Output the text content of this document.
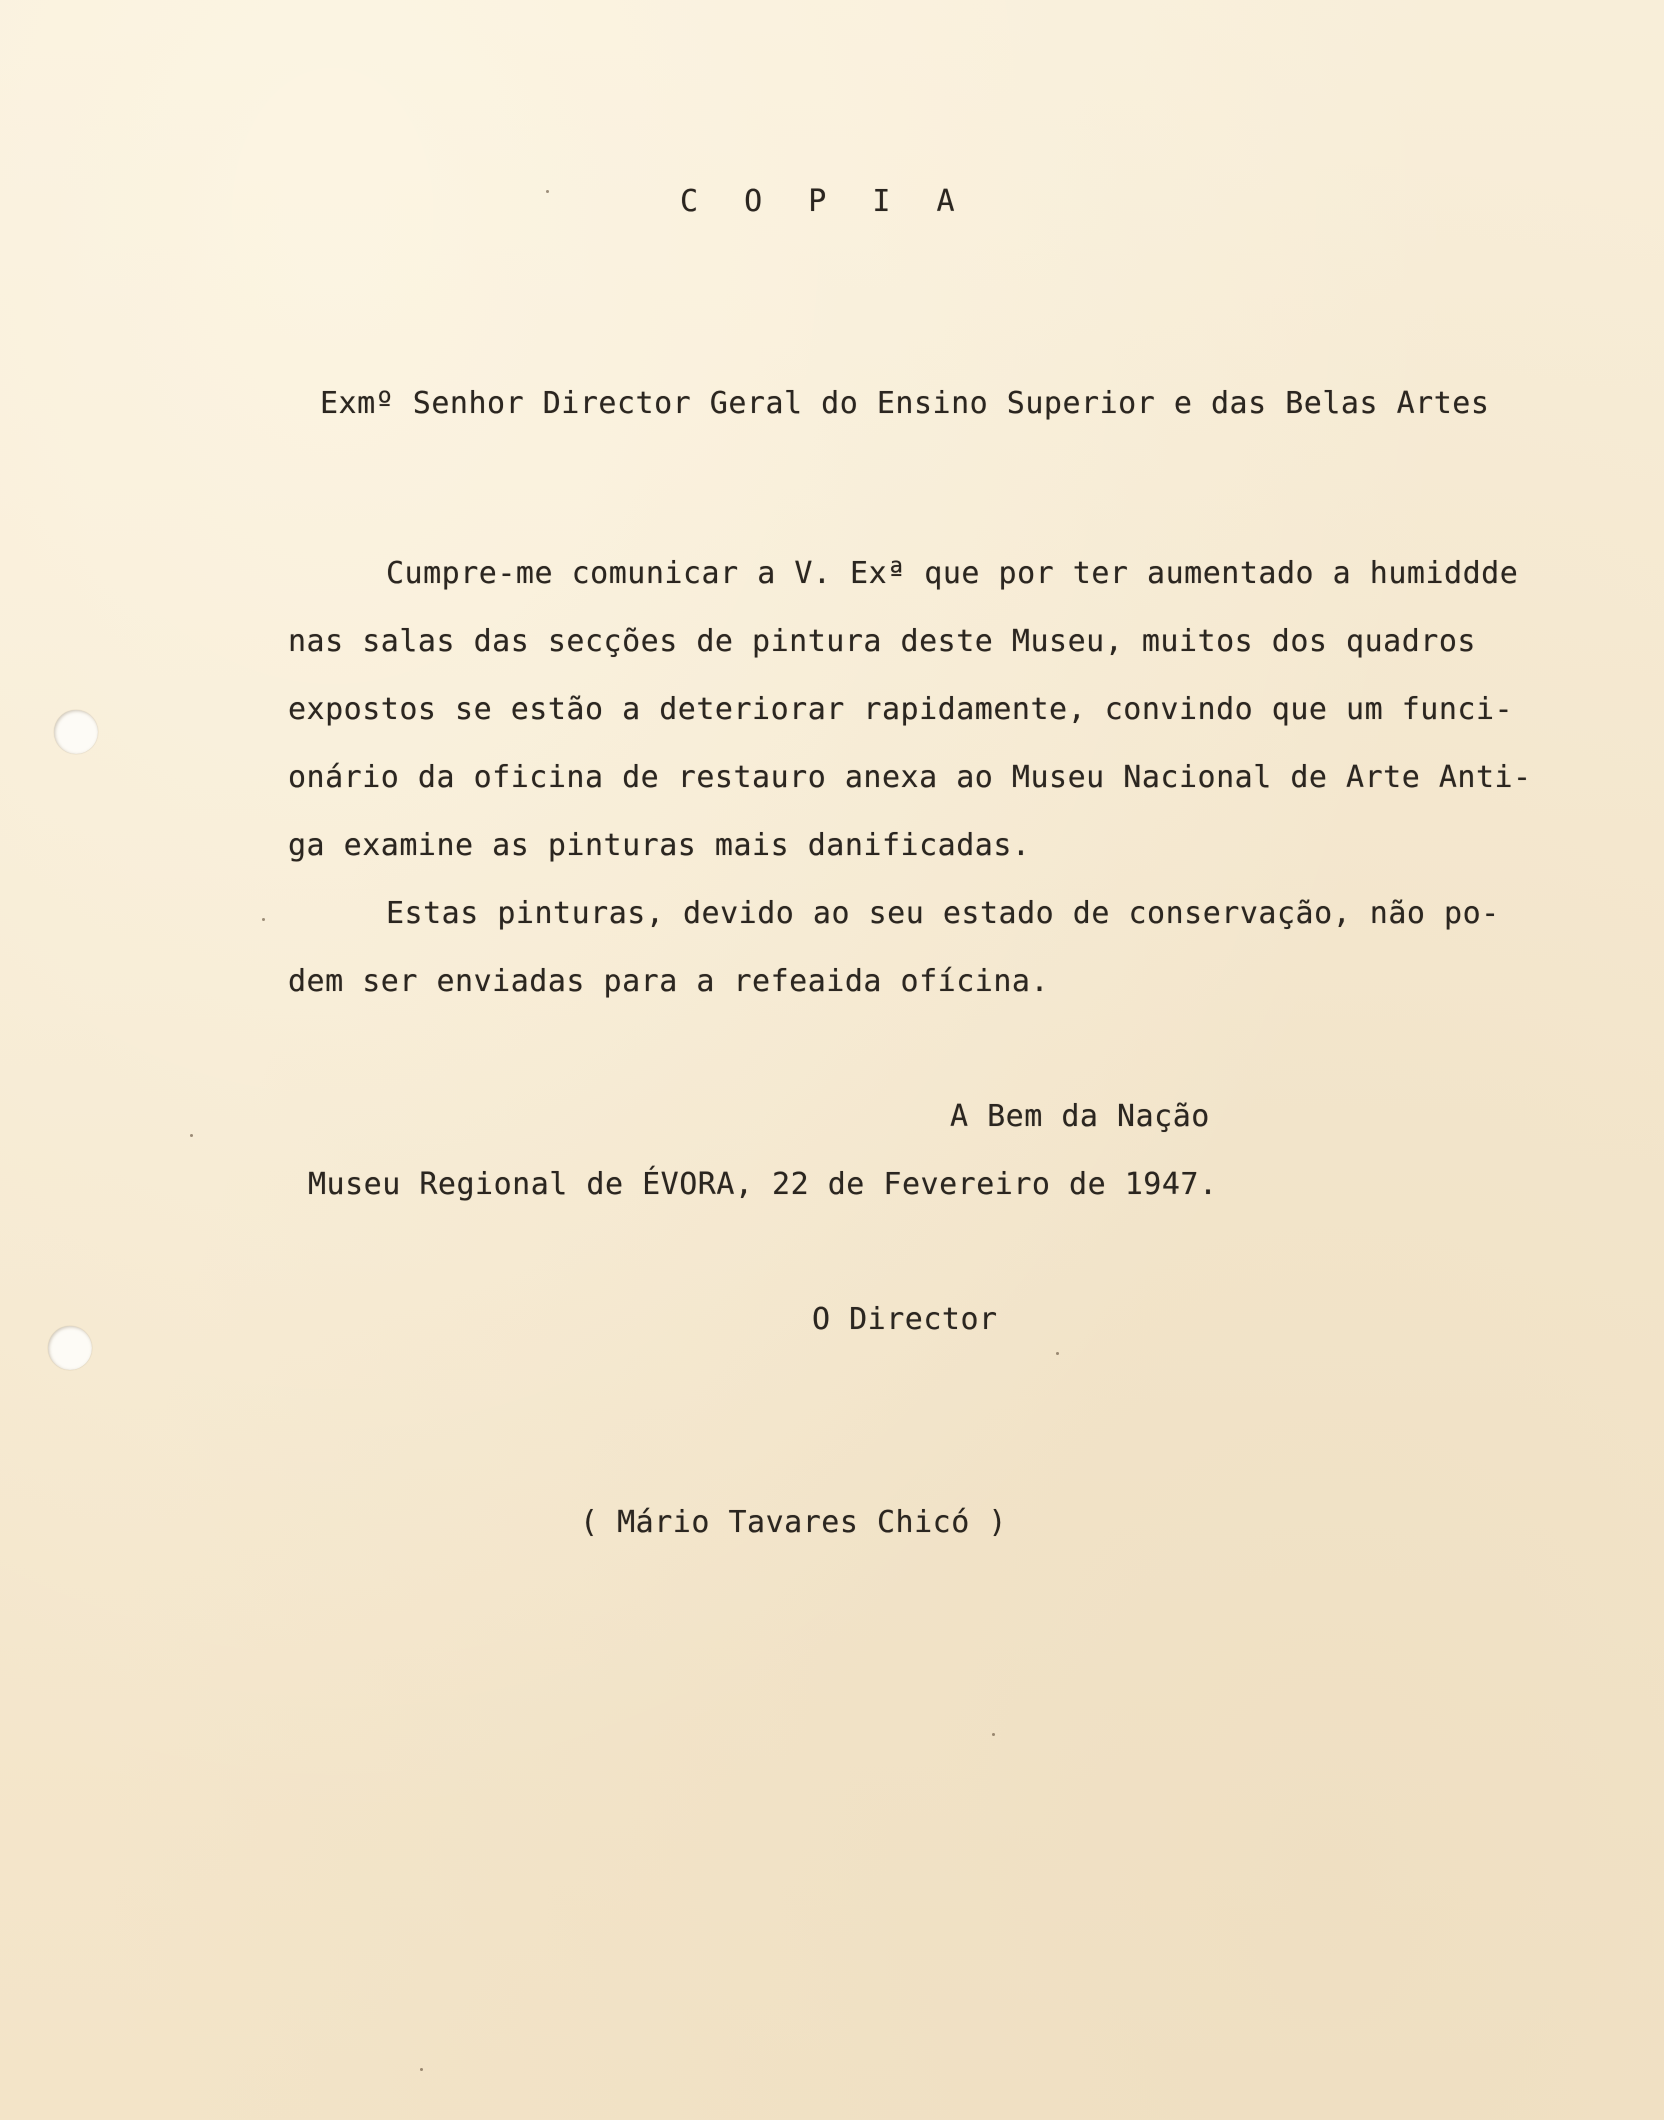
C O P I A
Exmº Senhor Director Geral do Ensino Superior e das Belas Artes
Cumpre-me comunicar a V. Exª que por ter aumentado a humiddde
nas salas das secções de pintura deste Museu, muitos dos quadros
expostos se estão a deteriorar rapidamente, convindo que um funci-
onário da oficina de restauro anexa ao Museu Nacional de Arte Anti-
ga examine as pinturas mais danificadas.
Estas pinturas, devido ao seu estado de conservação, não po-
dem ser enviadas para a refeaida ofícina.
A Bem da Nação
Museu Regional de ÉVORA, 22 de Fevereiro de 1947.
O Director
( Mário Tavares Chicó )
